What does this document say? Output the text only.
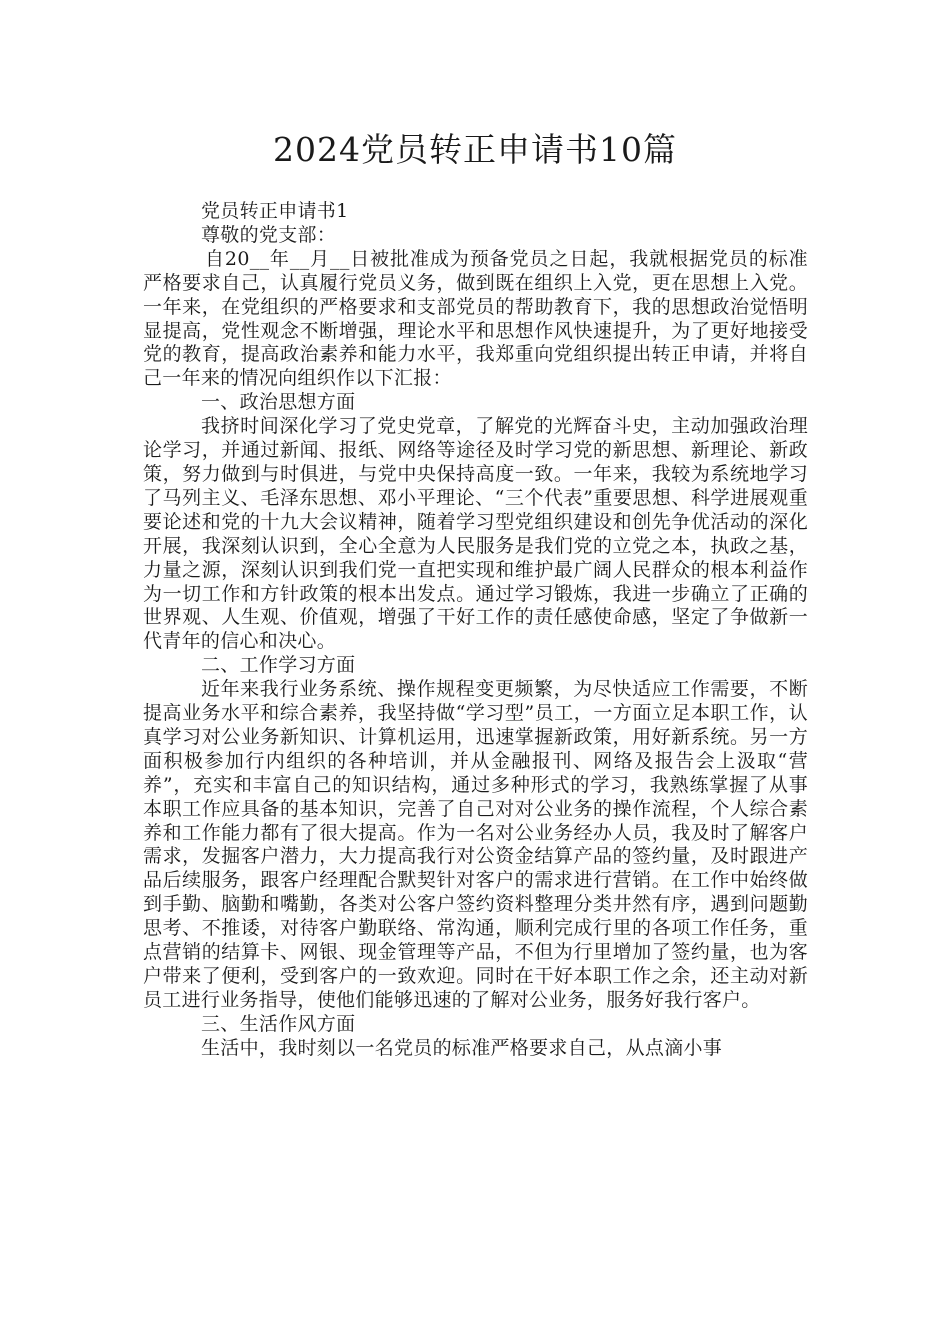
2024党员转正申请书10篇

党员转正申请书1

尊敬的党支部：

自20__年__月__日被批准成为预备党员之日起，我就根据党员的标准严格要求自己，认真履行党员义务，做到既在组织上入党，更在思想上入党。一年来，在党组织的严格要求和支部党员的帮助教育下，我的思想政治觉悟明显提高，党性观念不断增强，理论水平和思想作风快速提升，为了更好地接受党的教育，提高政治素养和能力水平，我郑重向党组织提出转正申请，并将自己一年来的情况向组织作以下汇报：

一、政治思想方面

我挤时间深化学习了党史党章，了解党的光辉奋斗史，主动加强政治理论学习，并通过新闻、报纸、网络等途径及时学习党的新思想、新理论、新政策，努力做到与时俱进，与党中央保持高度一致。一年来，我较为系统地学习了马列主义、毛泽东思想、邓小平理论、“三个代表”重要思想、科学进展观重要论述和党的十九大会议精神，随着学习型党组织建设和创先争优活动的深化开展，我深刻认识到，全心全意为人民服务是我们党的立党之本，执政之基，力量之源，深刻认识到我们党一直把实现和维护最广阔人民群众的根本利益作为一切工作和方针政策的根本出发点。通过学习锻炼，我进一步确立了正确的世界观、人生观、价值观，增强了干好工作的责任感使命感，坚定了争做新一代青年的信心和决心。

二、工作学习方面

近年来我行业务系统、操作规程变更频繁，为尽快适应工作需要，不断提高业务水平和综合素养，我坚持做“学习型”员工，一方面立足本职工作，认真学习对公业务新知识、计算机运用，迅速掌握新政策，用好新系统。另一方面积极参加行内组织的各种培训，并从金融报刊、网络及报告会上汲取“营养”，充实和丰富自己的知识结构，通过多种形式的学习，我熟练掌握了从事本职工作应具备的基本知识，完善了自己对对公业务的操作流程，个人综合素养和工作能力都有了很大提高。作为一名对公业务经办人员，我及时了解客户需求，发掘客户潜力，大力提高我行对公资金结算产品的签约量，及时跟进产品后续服务，跟客户经理配合默契针对客户的需求进行营销。在工作中始终做到手勤、脑勤和嘴勤，各类对公客户签约资料整理分类井然有序，遇到问题勤思考、不推诿，对待客户勤联络、常沟通，顺利完成行里的各项工作任务，重点营销的结算卡、网银、现金管理等产品，不但为行里增加了签约量，也为客户带来了便利，受到客户的一致欢迎。同时在干好本职工作之余，还主动对新员工进行业务指导，使他们能够迅速的了解对公业务，服务好我行客户。

三、生活作风方面

生活中，我时刻以一名党员的标准严格要求自己，从点滴小事
